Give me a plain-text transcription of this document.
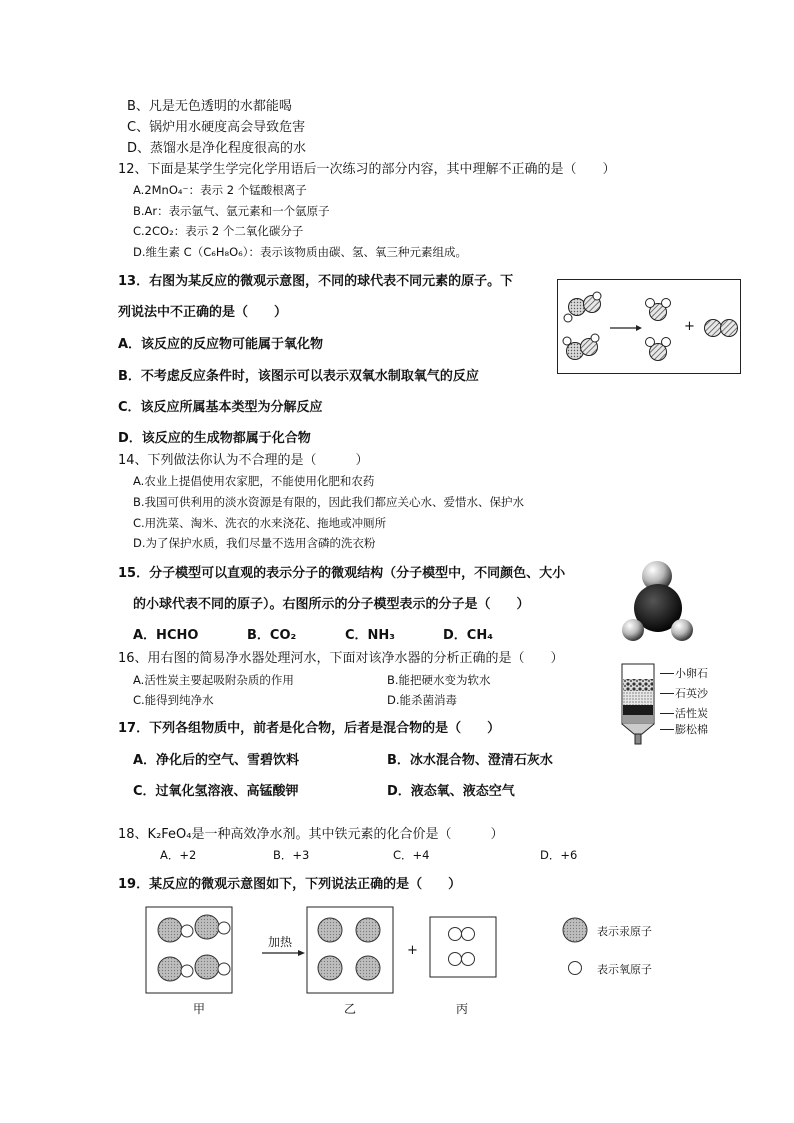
B、凡是无色透明的水都能喝
C、锅炉用水硬度高会导致危害
D、蒸馏水是净化程度很高的水
12、下面是某学生学完化学用语后一次练习的部分内容，其中理解不正确的是（　　）
A.2MnO₄⁻：表示 2 个锰酸根离子
B.Ar：表示氩气、氩元素和一个氩原子
C.2CO₂：表示 2 个二氧化碳分子
D.维生素 C（C₆H₈O₆）：表示该物质由碳、氢、氧三种元素组成。
13．右图为某反应的微观示意图，不同的球代表不同元素的原子。下
列说法中不正确的是（　　）
A．该反应的反应物可能属于氧化物
B．不考虑反应条件时，该图示可以表示双氧水制取氧气的反应
C．该反应所属基本类型为分解反应
D．该反应的生成物都属于化合物
+
14、下列做法你认为不合理的是（　　　）
A.农业上提倡使用农家肥，不能使用化肥和农药
B.我国可供利用的淡水资源是有限的，因此我们都应关心水、爱惜水、保护水
C.用洗菜、淘米、洗衣的水来浇花、拖地或冲厕所
D.为了保护水质，我们尽量不选用含磷的洗衣粉
15．分子模型可以直观的表示分子的微观结构（分子模型中，不同颜色、大小
的小球代表不同的原子）。右图所示的分子模型表示的分子是（　　）
A．HCHO	B．CO₂	C．NH₃	D．CH₄
16、用右图的简易净水器处理河水，下面对该净水器的分析正确的是（　　）
A.活性炭主要起吸附杂质的作用	B.能把硬水变为软水
C.能得到纯净水	D.能杀菌消毒
小卵石
石英沙
活性炭
膨松棉
17．下列各组物质中，前者是化合物，后者是混合物的是（　　）
A．净化后的空气、雪碧饮料	B．冰水混合物、澄清石灰水
C．过氧化氢溶液、高锰酸钾	D．液态氧、液态空气
18、K₂FeO₄是一种高效净水剂。其中铁元素的化合价是（　　　）
A．+2	B．+3	C．+4	D．+6
19．某反应的微观示意图如下，下列说法正确的是（　　）
加热
+
甲	乙	丙
表示汞原子
表示氧原子
